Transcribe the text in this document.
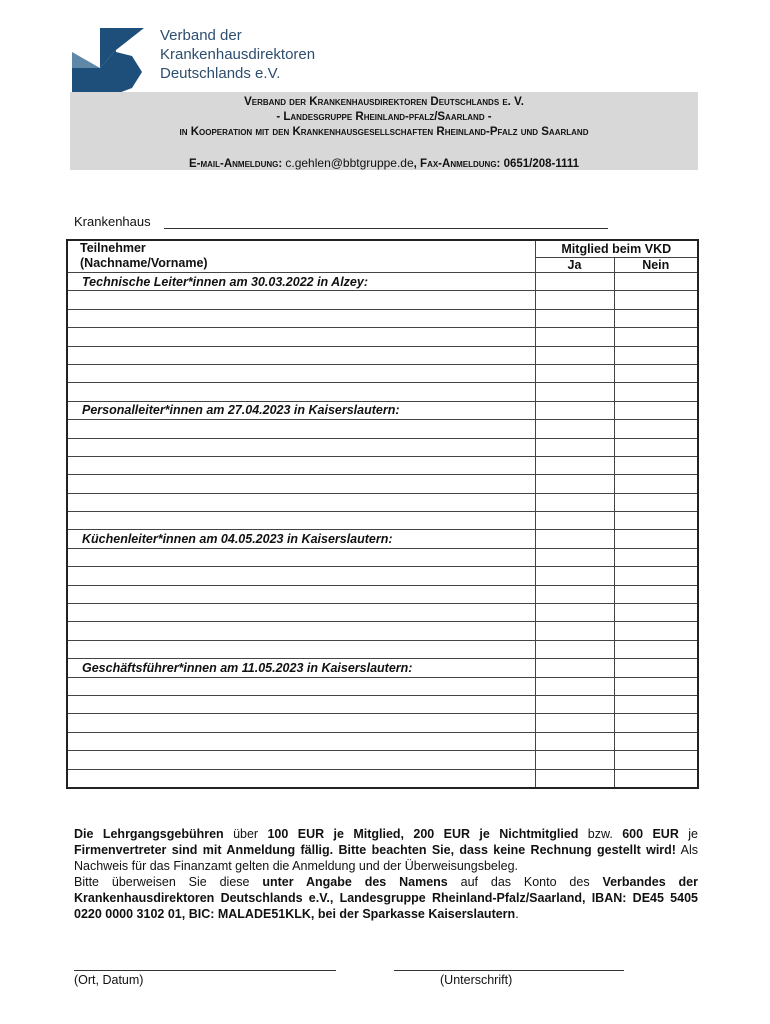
Verband der
Krankenhausdirektoren
Deutschlands e.V.
Verband der Krankenhausdirektoren Deutschlands e. V.
- Landesgruppe Rheinland-pfalz/Saarland -
in Kooperation mit den Krankenhausgesellschaften Rheinland-Pfalz und Saarland
E-mail-Anmeldung: c.gehlen@bbtgruppe.de, Fax-Anmeldung: 0651/208-1111
Krankenhaus
Teilnehmer
(Nachname/Vorname)	Mitglied beim VKD	
	Ja	Nein
Technische Leiter*innen am 30.03.2022 in Alzey:		

Personalleiter*innen am 27.04.2023 in Kaiserslautern:		

Küchenleiter*innen am 04.05.2023 in Kaiserslautern:		

Geschäftsführer*innen am 11.05.2023 in Kaiserslautern:		

Die Lehrgangsgebühren über 100 EUR je Mitglied, 200 EUR je Nichtmitglied bzw. 600 EUR je Firmenvertreter sind mit Anmeldung fällig. Bitte beachten Sie, dass keine Rechnung gestellt wird! Als Nachweis für das Finanzamt gelten die Anmeldung und der Überweisungsbeleg.
Bitte überweisen Sie diese unter Angabe des Namens auf das Konto des Verbandes der Krankenhausdirektoren Deutschlands e.V., Landesgruppe Rheinland-Pfalz/Saarland, IBAN: DE45 5405 0220 0000 3102 01, BIC: MALADE51KLK, bei der Sparkasse Kaiserslautern.
(Ort, Datum)	(Unterschrift)
